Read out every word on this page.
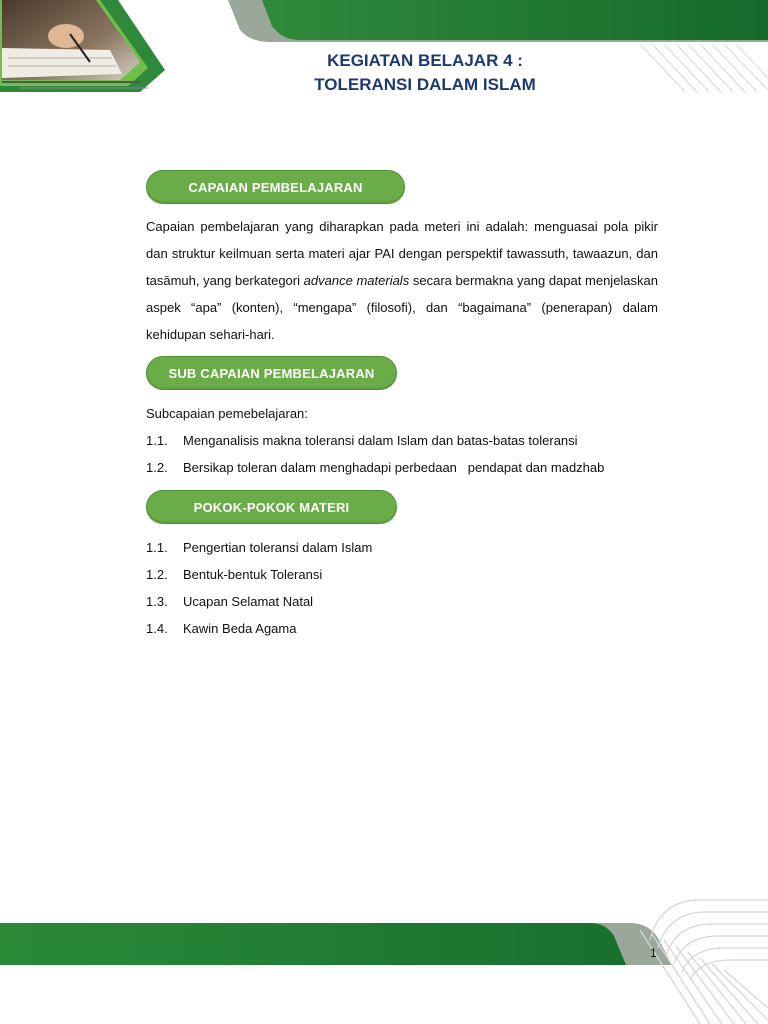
KEGIATAN BELAJAR 4 :
TOLERANSI DALAM ISLAM
CAPAIAN PEMBELAJARAN

Capaian pembelajaran yang diharapkan pada meteri ini adalah: menguasai pola pikir dan struktur keilmuan serta materi ajar PAI dengan perspektif tawassuth, tawaazun, dan tasāmuh, yang berkategori advance materials secara bermakna yang dapat menjelaskan aspek “apa” (konten), “mengapa” (filosofi), dan “bagaimana” (penerapan) dalam kehidupan sehari-hari.

SUB CAPAIAN PEMBELAJARAN
Subcapaian pemebelajaran:
1.1. Menganalisis makna toleransi dalam Islam dan batas-batas toleransi
1.2. Bersikap toleran dalam menghadapi perbedaan   pendapat dan madzhab
POKOK-POKOK MATERI
1.1. Pengertian toleransi dalam Islam
1.2. Bentuk-bentuk Toleransi
1.3. Ucapan Selamat Natal
1.4. Kawin Beda Agama
1
